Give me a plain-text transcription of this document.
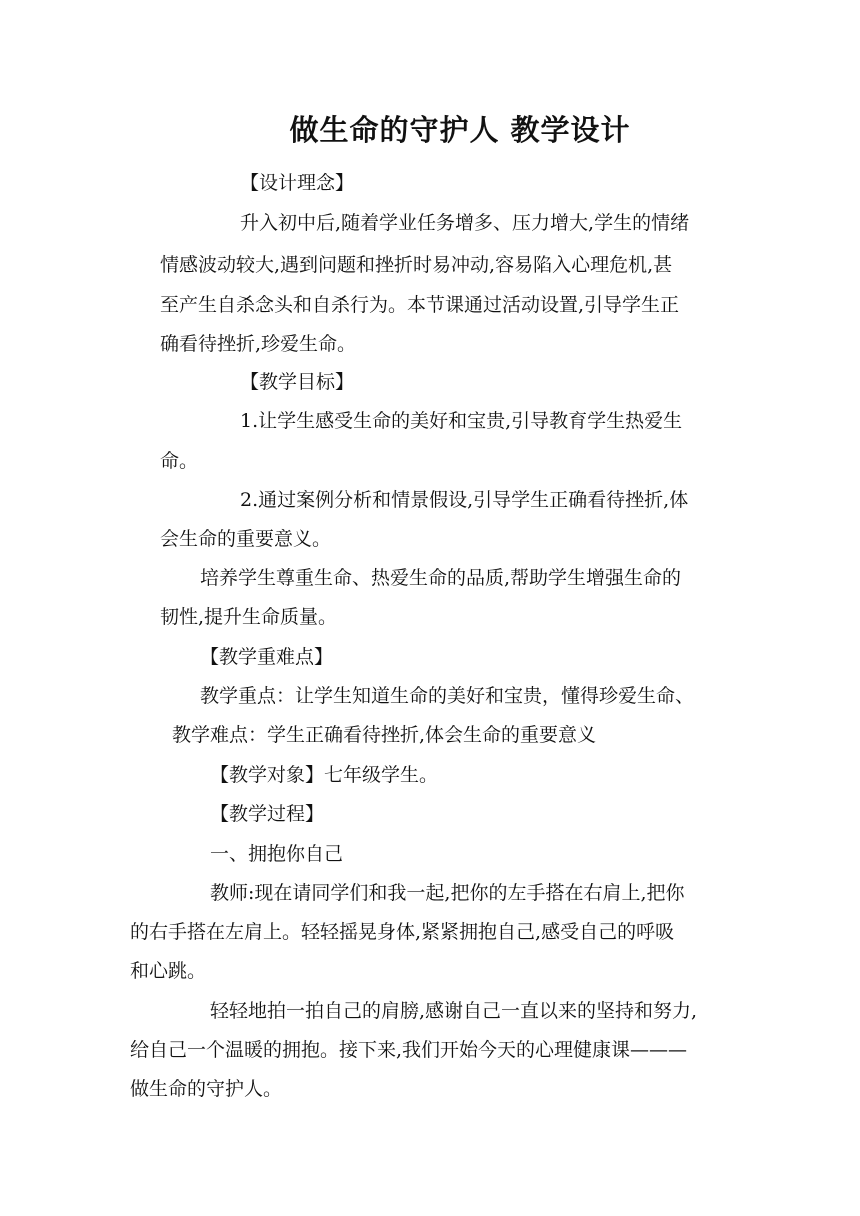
做生命的守护人 教学设计
【设计理念】
升入初中后,随着学业任务增多、压力增大,学生的情绪
情感波动较大,遇到问题和挫折时易冲动,容易陷入心理危机,甚
至产生自杀念头和自杀行为。本节课通过活动设置,引导学生正
确看待挫折,珍爱生命。
【教学目标】
1.让学生感受生命的美好和宝贵,引导教育学生热爱生
命。
2.通过案例分析和情景假设,引导学生正确看待挫折,体
会生命的重要意义。
培养学生尊重生命、热爱生命的品质,帮助学生增强生命的
韧性,提升生命质量。
【教学重难点】
教学重点：让学生知道生命的美好和宝贵，懂得珍爱生命、
教学难点：学生正确看待挫折,体会生命的重要意义
【教学对象】七年级学生。
【教学过程】
一、拥抱你自己
教师:现在请同学们和我一起,把你的左手搭在右肩上,把你
的右手搭在左肩上。轻轻摇晃身体,紧紧拥抱自己,感受自己的呼吸
和心跳。
轻轻地拍一拍自己的肩膀,感谢自己一直以来的坚持和努力,
给自己一个温暖的拥抱。接下来,我们开始今天的心理健康课———
做生命的守护人。
